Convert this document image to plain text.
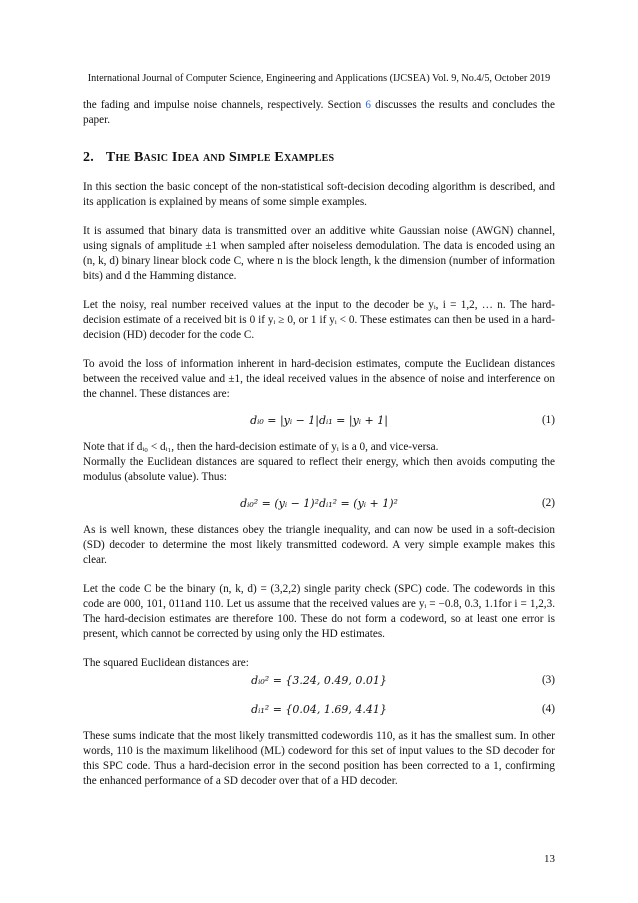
International Journal of Computer Science, Engineering and Applications (IJCSEA) Vol. 9, No.4/5, October 2019

the fading and impulse noise channels, respectively. Section 6 discusses the results and concludes the paper.

2. The Basic Idea and Simple Examples

In this section the basic concept of the non-statistical soft-decision decoding algorithm is described, and its application is explained by means of some simple examples.

It is assumed that binary data is transmitted over an additive white Gaussian noise (AWGN) channel, using signals of amplitude ±1 when sampled after noiseless demodulation. The data is encoded using an (n, k, d) binary linear block code C, where n is the block length, k the dimension (number of information bits) and d the Hamming distance.

Let the noisy, real number received values at the input to the decoder be yᵢ, i = 1,2, … n. The hard-decision estimate of a received bit is 0 if yᵢ ≥ 0, or 1 if yᵢ < 0. These estimates can then be used in a hard-decision (HD) decoder for the code C.

To avoid the loss of information inherent in hard-decision estimates, compute the Euclidean distances between the received value and ±1, the ideal received values in the absence of noise and interference on the channel. These distances are:

dᵢ₀ = |yᵢ − 1|dᵢ₁ = |yᵢ + 1|	(1)

Note that if dᵢ₀ < dᵢ₁, then the hard-decision estimate of yᵢ is a 0, and vice-versa.

Normally the Euclidean distances are squared to reflect their energy, which then avoids computing the modulus (absolute value). Thus:

dᵢ₀² = (yᵢ − 1)²dᵢ₁² = (yᵢ + 1)²	(2)

As is well known, these distances obey the triangle inequality, and can now be used in a soft-decision (SD) decoder to determine the most likely transmitted codeword. A very simple example makes this clear.

Let the code C be the binary (n, k, d) = (3,2,2) single parity check (SPC) code. The codewords in this code are 000, 101, 011and 110. Let us assume that the received values are yᵢ = −0.8, 0.3, 1.1for i = 1,2,3. The hard-decision estimates are therefore 100. These do not form a codeword, so at least one error is present, which cannot be corrected by using only the HD estimates.

The squared Euclidean distances are:

dᵢ₀² = {3.24, 0.49, 0.01}	(3)
dᵢ₁² = {0.04, 1.69, 4.41}	(4)

These sums indicate that the most likely transmitted codewordis 110, as it has the smallest sum. In other words, 110 is the maximum likelihood (ML) codeword for this set of input values to the SD decoder for this SPC code. Thus a hard-decision error in the second position has been corrected to a 1, confirming the enhanced performance of a SD decoder over that of a HD decoder.

13
